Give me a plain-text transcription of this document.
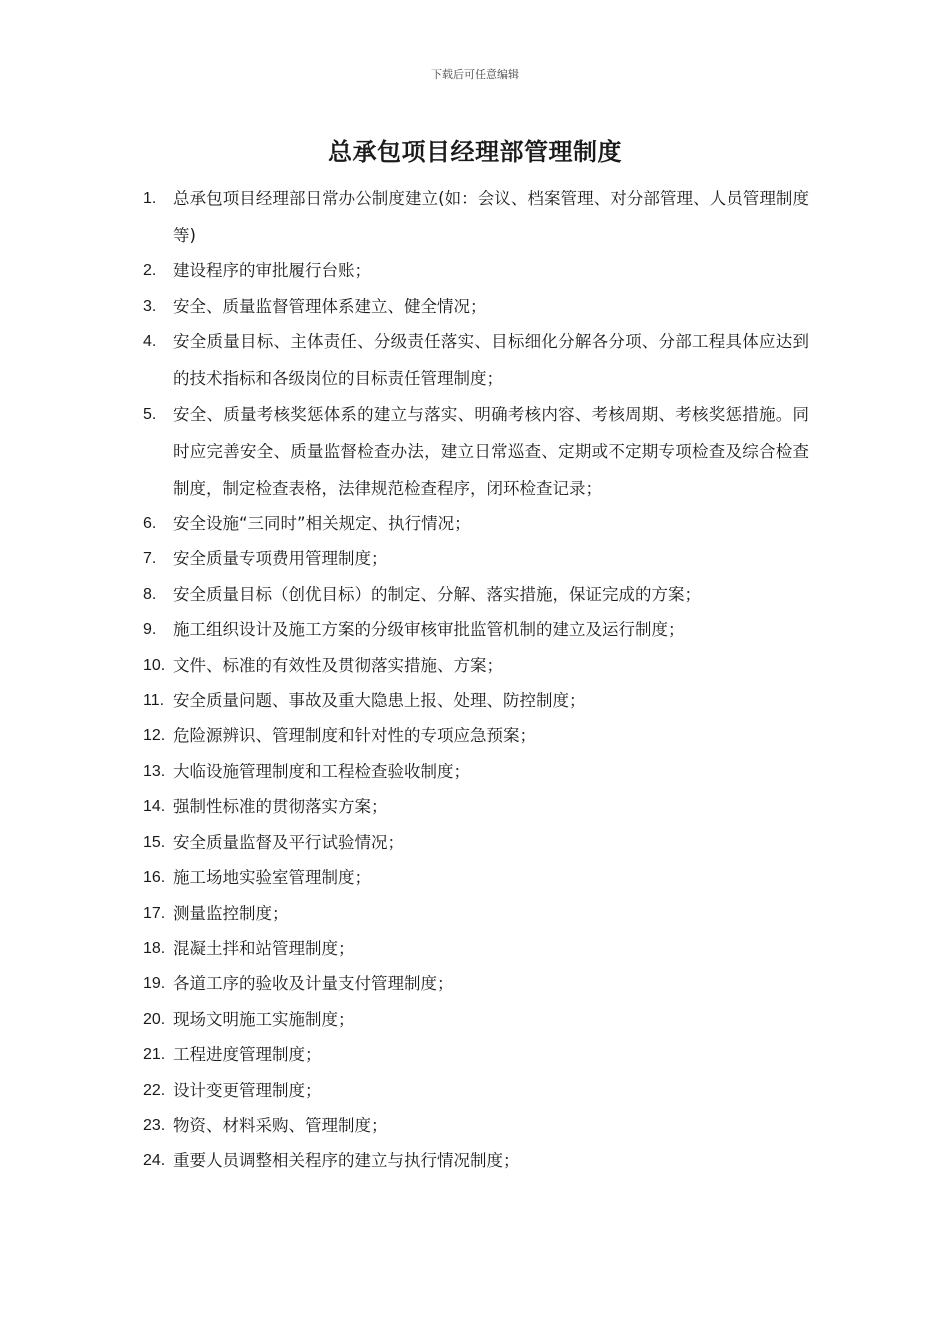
下载后可任意编辑
总承包项目经理部管理制度
1.	总承包项目经理部日常办公制度建立(如：会议、档案管理、对分部管理、人员管理制度等)
2.	建设程序的审批履行台账；
3.	安全、质量监督管理体系建立、健全情况；
4.	安全质量目标、主体责任、分级责任落实、目标细化分解各分项、分部工程具体应达到的技术指标和各级岗位的目标责任管理制度；
5.	安全、质量考核奖惩体系的建立与落实、明确考核内容、考核周期、考核奖惩措施。同时应完善安全、质量监督检查办法，建立日常巡查、定期或不定期专项检查及综合检查制度，制定检查表格，法律规范检查程序，闭环检查记录；
6.	安全设施“三同时”相关规定、执行情况；
7.	安全质量专项费用管理制度；
8.	安全质量目标（创优目标）的制定、分解、落实措施，保证完成的方案；
9.	施工组织设计及施工方案的分级审核审批监管机制的建立及运行制度；
10. 文件、标准的有效性及贯彻落实措施、方案；
11. 安全质量问题、事故及重大隐患上报、处理、防控制度；
12. 危险源辨识、管理制度和针对性的专项应急预案；
13. 大临设施管理制度和工程检查验收制度；
14. 强制性标准的贯彻落实方案；
15. 安全质量监督及平行试验情况；
16. 施工场地实验室管理制度；
17. 测量监控制度；
18. 混凝土拌和站管理制度；
19. 各道工序的验收及计量支付管理制度；
20. 现场文明施工实施制度；
21. 工程进度管理制度；
22. 设计变更管理制度；
23. 物资、材料采购、管理制度；
24. 重要人员调整相关程序的建立与执行情况制度；
